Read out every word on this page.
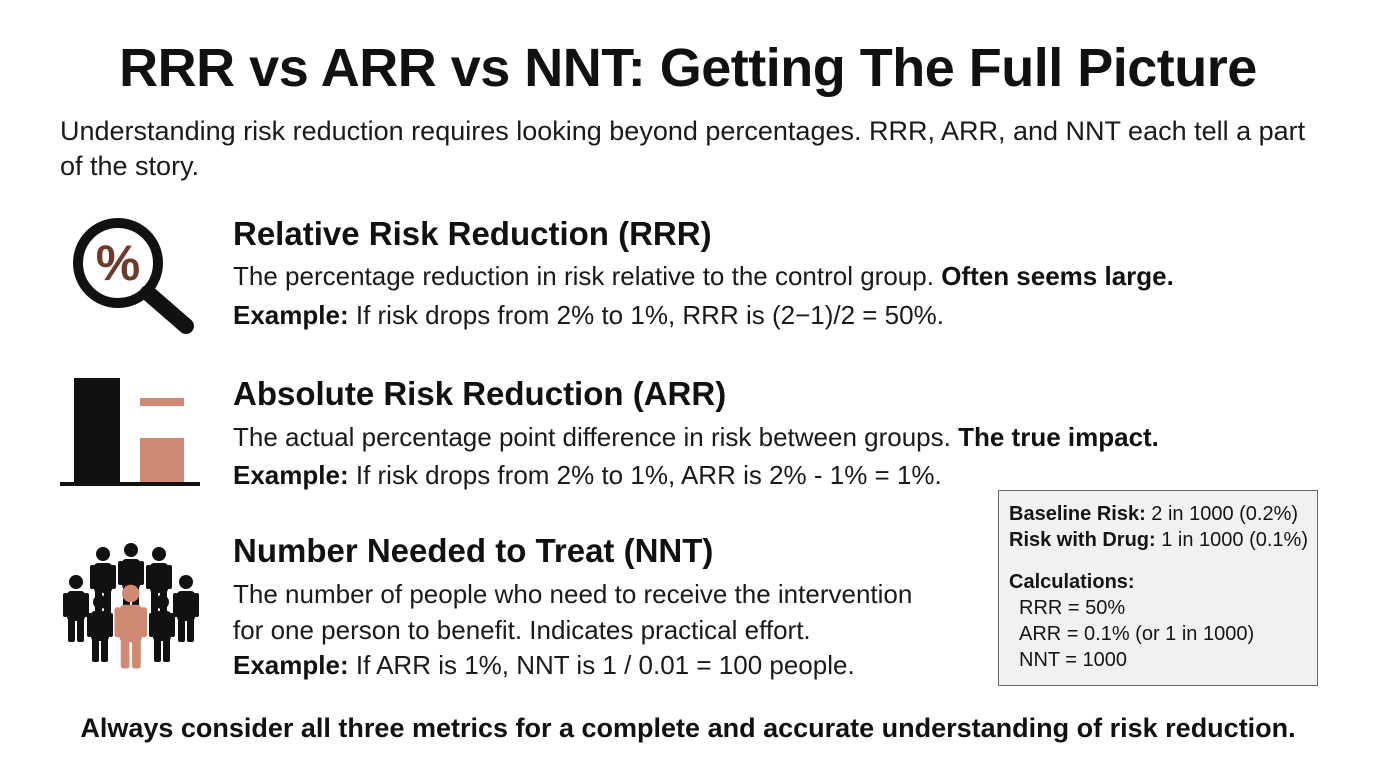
RRR vs ARR vs NNT: Getting The Full Picture

Understanding risk reduction requires looking beyond percentages. RRR, ARR, and NNT each tell a part of the story.

%
Relative Risk Reduction (RRR)

The percentage reduction in risk relative to the control group. Often seems large.

Example: If risk drops from 2% to 1%, RRR is (2−1)/2 = 50%.

Absolute Risk Reduction (ARR)

The actual percentage point difference in risk between groups. The true impact.

Example: If risk drops from 2% to 1%, ARR is 2% - 1% = 1%.

Number Needed to Treat (NNT)

The number of people who need to receive the intervention
for one person to benefit. Indicates practical effort.

Example: If ARR is 1%, NNT is 1 / 0.01 = 100 people.

Baseline Risk: 2 in 1000 (0.2%)
Risk with Drug: 1 in 1000 (0.1%)
Calculations:
RRR = 50%
ARR = 0.1% (or 1 in 1000)
NNT = 1000

Always consider all three metrics for a complete and accurate understanding of risk reduction.
